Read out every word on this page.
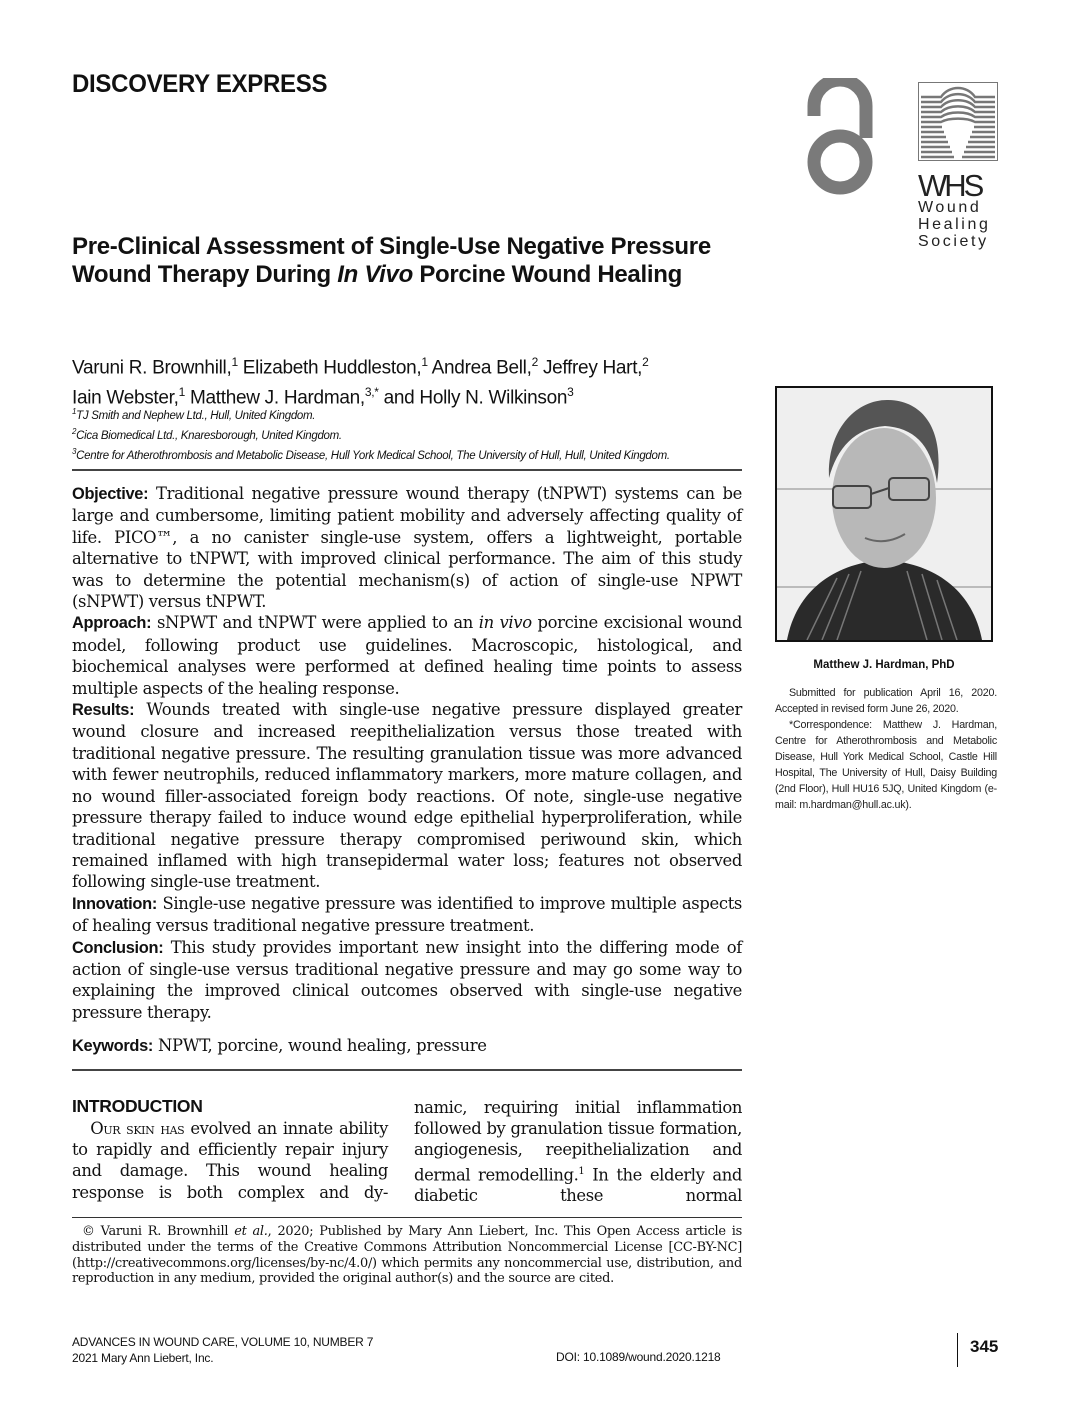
DISCOVERY EXPRESS
WHS
Wound
Healing
Society
Pre-Clinical Assessment of Single-Use Negative Pressure Wound Therapy During In Vivo Porcine Wound Healing
Varuni R. Brownhill,$^1$ Elizabeth Huddleston,$^1$ Andrea Bell,$^2$ Jeffrey Hart,$^2$
Iain Webster,$^1$ Matthew J. Hardman,$^{3,*}$ and Holly N. Wilkinson$^3$
$^1$TJ Smith and Nephew Ltd., Hull, United Kingdom.
$^2$Cica Biomedical Ltd., Knaresborough, United Kingdom.
$^3$Centre for Atherothrombosis and Metabolic Disease, Hull York Medical School, The University of Hull, Hull, United Kingdom.

Objective: Traditional negative pressure wound therapy (tNPWT) systems can be large and cumbersome, limiting patient mobility and adversely affecting quality of life. PICO™, a no canister single-use system, offers a lightweight, portable alternative to tNPWT, with improved clinical performance. The aim of this study was to determine the potential mechanism(s) of action of single-use NPWT (sNPWT) versus tNPWT.

Approach: sNPWT and tNPWT were applied to an in vivo porcine excisional wound model, following product use guidelines. Macroscopic, histological, and biochemical analyses were performed at defined healing time points to assess multiple aspects of the healing response.

Results: Wounds treated with single-use negative pressure displayed greater wound closure and increased reepithelialization versus those treated with traditional negative pressure. The resulting granulation tissue was more advanced with fewer neutrophils, reduced inflammatory markers, more mature collagen, and no wound filler-associated foreign body reactions. Of note, single-use negative pressure therapy failed to induce wound edge epithelial hyperproliferation, while traditional negative pressure therapy compromised periwound skin, which remained inflamed with high transepidermal water loss; features not observed following single-use treatment.

Innovation: Single-use negative pressure was identified to improve multiple aspects of healing versus traditional negative pressure treatment.

Conclusion: This study provides important new insight into the differing mode of action of single-use versus traditional negative pressure and may go some way to explaining the improved clinical outcomes observed with single-use negative pressure therapy.

Keywords: NPWT, porcine, wound healing, pressure
INTRODUCTION
Our skin has evolved an innate ability to rapidly and efficiently repair injury and damage. This wound healing response is both complex and dy-
namic, requiring initial inflammation followed by granulation tissue formation, angiogenesis, reepithelialization and dermal remodelling.$^1$ In the elderly and diabetic these normal
© Varuni R. Brownhill et al., 2020; Published by Mary Ann Liebert, Inc. This Open Access article is distributed under the terms of the Creative Commons Attribution Noncommercial License [CC-BY-NC] (http://creativecommons.org/licenses/by-nc/4.0/) which permits any noncommercial use, distribution, and reproduction in any medium, provided the original author(s) and the source are cited.
Matthew J. Hardman, PhD

Submitted for publication April 16, 2020. Accepted in revised form June 26, 2020.

*Correspondence: Matthew J. Hardman, Centre for Atherothrombosis and Metabolic Disease, Hull York Medical School, Castle Hill Hospital, The University of Hull, Daisy Building (2nd Floor), Hull HU16 5JQ, United Kingdom (e-mail: m.hardman@hull.ac.uk).

ADVANCES IN WOUND CARE, VOLUME 10, NUMBER 7
2021 Mary Ann Liebert, Inc.	DOI: 10.1089/wound.2020.1218
345
